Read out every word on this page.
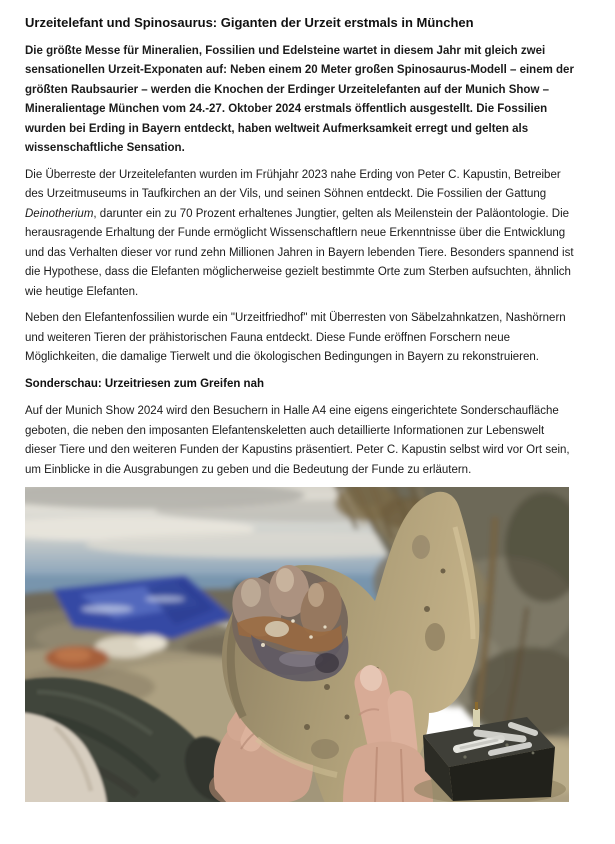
Urzeitelefant und Spinosaurus: Giganten der Urzeit erstmals in München

Die größte Messe für Mineralien, Fossilien und Edelsteine wartet in diesem Jahr mit gleich zwei sensationellen Urzeit-Exponaten auf: Neben einem 20 Meter großen Spinosaurus-Modell – einem der größten Raubsaurier – werden die Knochen der Erdinger Urzeitelefanten auf der Munich Show – Mineralientage München vom 24.-27. Oktober 2024 erstmals öffentlich ausgestellt. Die Fossilien wurden bei Erding in Bayern entdeckt, haben weltweit Aufmerksamkeit erregt und gelten als wissenschaftliche Sensation.

Die Überreste der Urzeitelefanten wurden im Frühjahr 2023 nahe Erding von Peter C. Kapustin, Betreiber des Urzeitmuseums in Taufkirchen an der Vils, und seinen Söhnen entdeckt. Die Fossilien der Gattung Deinotherium, darunter ein zu 70 Prozent erhaltenes Jungtier, gelten als Meilenstein der Paläontologie. Die herausragende Erhaltung der Funde ermöglicht Wissenschaftlern neue Erkenntnisse über die Entwicklung und das Verhalten dieser vor rund zehn Millionen Jahren in Bayern lebenden Tiere. Besonders spannend ist die Hypothese, dass die Elefanten möglicherweise gezielt bestimmte Orte zum Sterben aufsuchten, ähnlich wie heutige Elefanten.

Neben den Elefantenfossilien wurde ein "Urzeitfriedhof" mit Überresten von Säbelzahnkatzen, Nashörnern und weiteren Tieren der prähistorischen Fauna entdeckt. Diese Funde eröffnen Forschern neue Möglichkeiten, die damalige Tierwelt und die ökologischen Bedingungen in Bayern zu rekonstruieren.

Sonderschau: Urzeitriesen zum Greifen nah

Auf der Munich Show 2024 wird den Besuchern in Halle A4 eine eigens eingerichtete Sonderschaufläche geboten, die neben den imposanten Elefantenskeletten auch detaillierte Informationen zur Lebenswelt dieser Tiere und den weiteren Funden der Kapustins präsentiert. Peter C. Kapustin selbst wird vor Ort sein, um Einblicke in die Ausgrabungen zu geben und die Bedeutung der Funde zu erläutern.
